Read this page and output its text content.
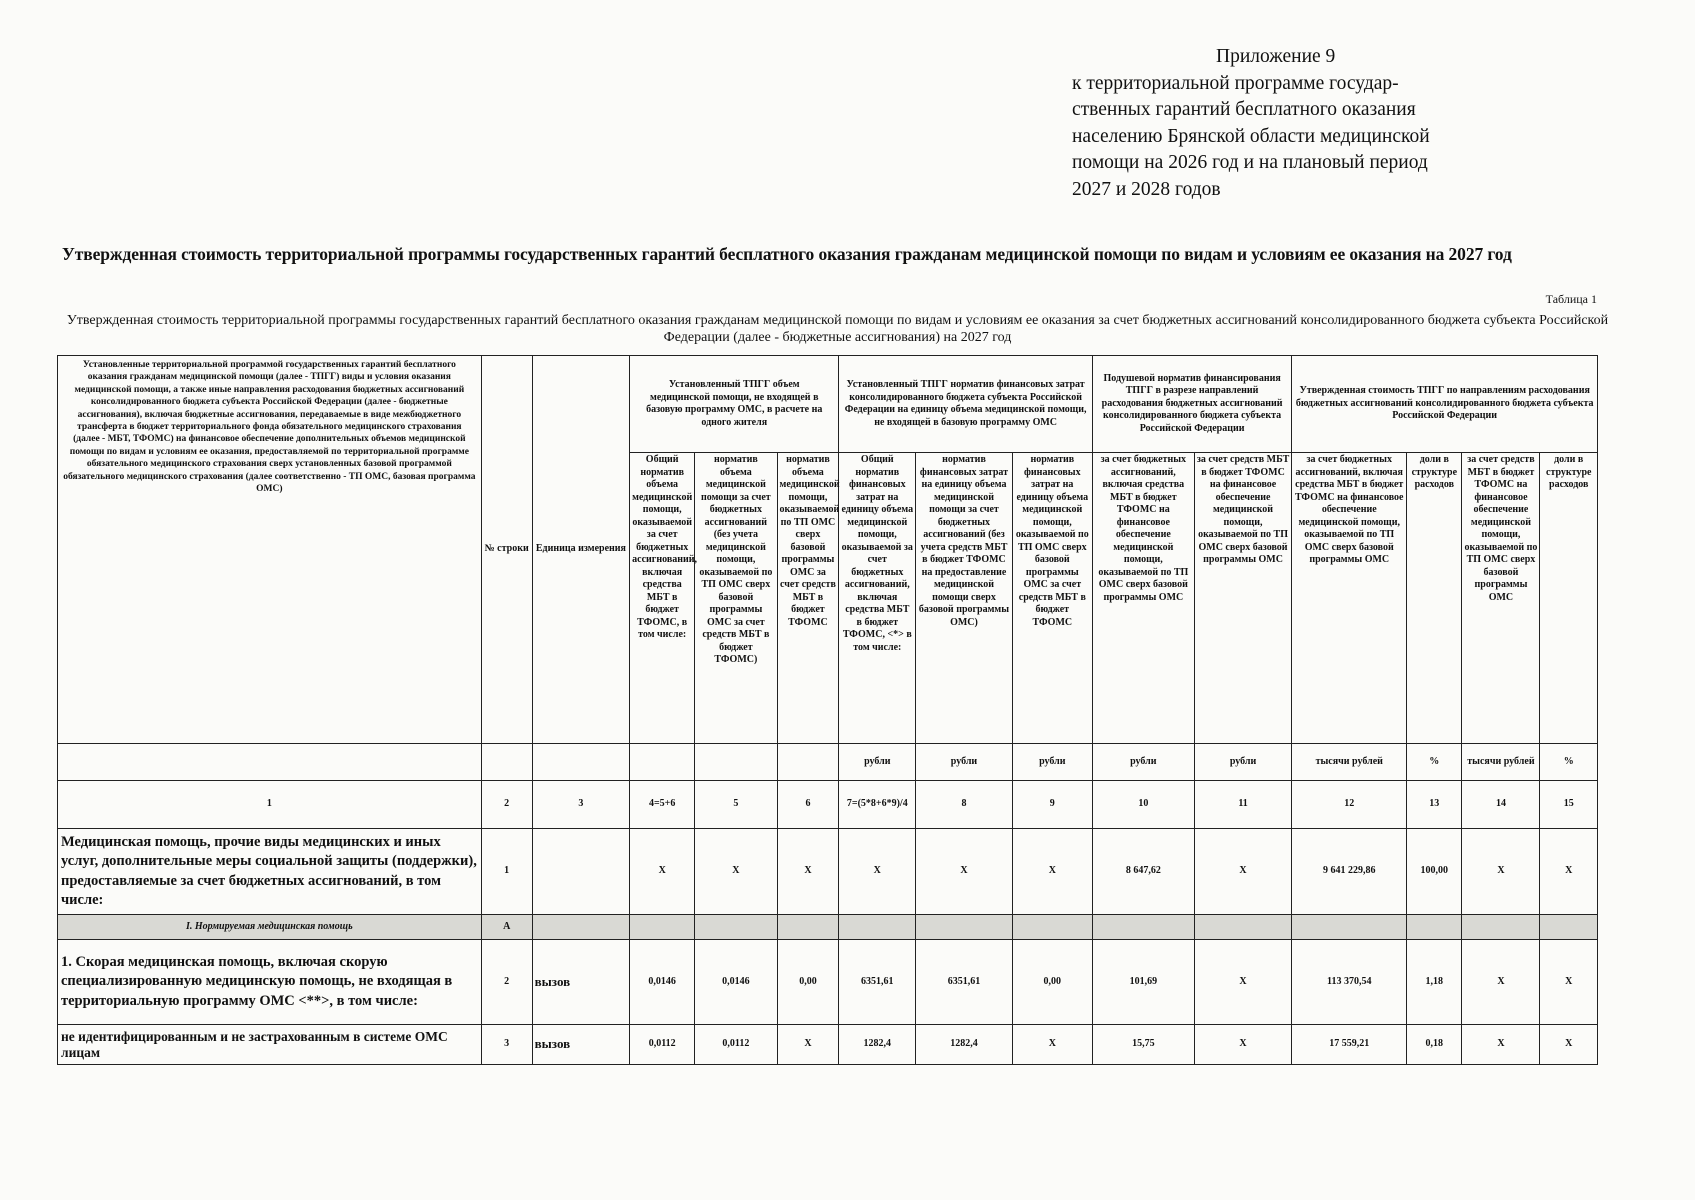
Приложение 9
к территориальной программе государ-
ственных гарантий бесплатного оказания
населению Брянской области медицинской
помощи на 2026 год и на плановый период
2027 и 2028 годов
Утвержденная стоимость территориальной программы государственных гарантий бесплатного оказания гражданам медицинской помощи по видам и условиям ее оказания на 2027 год
Таблица 1
Утвержденная стоимость территориальной программы государственных гарантий бесплатного оказания гражданам медицинской помощи по видам и условиям ее оказания за счет бюджетных ассигнований консолидированного бюджета субъекта Российской Федерации (далее - бюджетные ассигнования) на 2027 год
Установленные территориальной программой государственных гарантий бесплатного оказания гражданам медицинской помощи (далее - ТПГГ) виды и условия оказания медицинской помощи, а также иные направления расходования бюджетных ассигнований консолидированного бюджета субъекта Российской Федерации (далее - бюджетные ассигнования), включая бюджетные ассигнования, передаваемые в виде межбюджетного трансферта в бюджет территориального фонда обязательного медицинского страхования (далее - МБТ, ТФОМС) на финансовое обеспечение дополнительных объемов медицинской помощи по видам и условиям ее оказания, предоставляемой по территориальной программе обязательного медицинского страхования сверх установленных базовой программой обязательного медицинского страхования (далее соответственно - ТП ОМС, базовая программа ОМС)	№ строки	Единица измерения	Установленный ТПГГ объем медицинской помощи, не входящей в базовую программу ОМС, в расчете на одного жителя			Установленный ТПГГ норматив финансовых затрат консолидированного бюджета субъекта Российской Федерации на единицу объема медицинской помощи, не входящей в базовую программу ОМС			Подушевой норматив финансирования ТПГГ в разрезе направлений расходования бюджетных ассигнований консолидированного бюджета субъекта Российской Федерации		Утвержденная стоимость ТПГГ по направлениям расходования бюджетных ассигнований консолидированного бюджета субъекта Российской Федерации			
			Общий норматив объема медицинской помощи, оказываемой за счет бюджетных ассигнований, включая средства МБТ в бюджет ТФОМС, в том числе:	норматив объема медицинской помощи за счет бюджетных ассигнований (без учета медицинской помощи, оказываемой по ТП ОМС сверх базовой программы ОМС за счет средств МБТ в бюджет ТФОМС)	норматив объема медицинской помощи, оказываемой по ТП ОМС сверх базовой программы ОМС за счет средств МБТ в бюджет ТФОМС	Общий норматив финансовых затрат на единицу объема медицинской помощи, оказываемой за счет бюджетных ассигнований, включая средства МБТ в бюджет ТФОМС, <*> в том числе:	норматив финансовых затрат на единицу объема медицинской помощи за счет бюджетных ассигнований (без учета средств МБТ в бюджет ТФОМС на предоставление медицинской помощи сверх базовой программы ОМС)	норматив финансовых затрат на единицу объема медицинской помощи, оказываемой по ТП ОМС сверх базовой программы ОМС за счет средств МБТ в бюджет ТФОМС	за счет бюджетных ассигнований, включая средства МБТ в бюджет ТФОМС на финансовое обеспечение медицинской помощи, оказываемой по ТП ОМС сверх базовой программы ОМС	за счет средств МБТ в бюджет ТФОМС на финансовое обеспечение медицинской помощи, оказываемой по ТП ОМС сверх базовой программы ОМС	за счет бюджетных ассигнований, включая средства МБТ в бюджет ТФОМС на финансовое обеспечение медицинской помощи, оказываемой по ТП ОМС сверх базовой программы ОМС	доли в структуре расходов	за счет средств МБТ в бюджет ТФОМС на финансовое обеспечение медицинской помощи, оказываемой по ТП ОМС сверх базовой программы ОМС	доли в структуре расходов
						рубли	рубли	рубли	рубли	рубли	тысячи рублей	%	тысячи рублей	%
1	2	3	4=5+6	5	6	7=(5*8+6*9)/4	8	9	10	11	12	13	14	15
Медицинская помощь, прочие виды медицинских и иных услуг, дополнительные меры социальной защиты (поддержки), предоставляемые за счет бюджетных ассигнований, в том числе:	1		X	X	X	X	X	X	8 647,62	X	9 641 229,86	100,00	X	X
I. Нормируемая медицинская помощь	A													
1. Скорая медицинская помощь, включая скорую специализированную медицинскую помощь, не входящая в территориальную программу ОМС <**>, в том числе:	2	вызов	0,0146	0,0146	0,00	6351,61	6351,61	0,00	101,69	X	113 370,54	1,18	X	X
не идентифицированным и не застрахованным в системе ОМС лицам	3	вызов	0,0112	0,0112	X	1282,4	1282,4	X	15,75	X	17 559,21	0,18	X	X
